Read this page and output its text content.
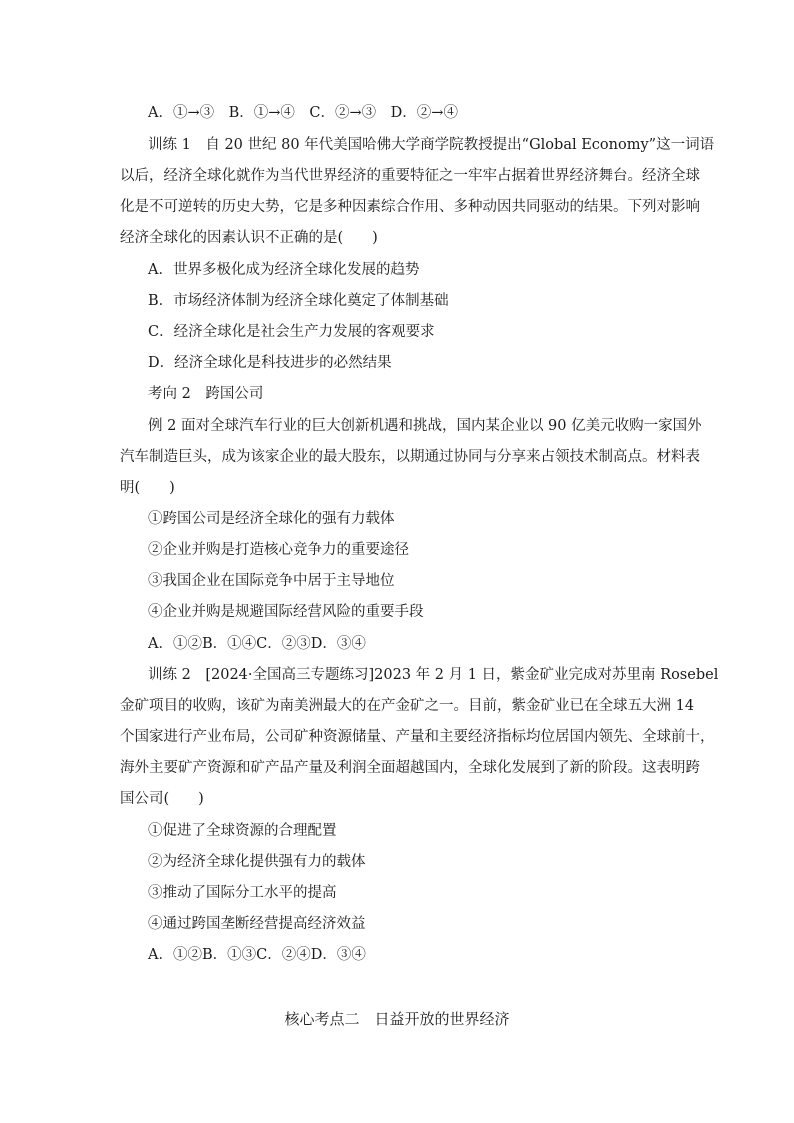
A．①→③　B．①→④　C．②→③　D．②→④
训练 1　自 20 世纪 80 年代美国哈佛大学商学院教授提出“Global Economy”这一词语
以后，经济全球化就作为当代世界经济的重要特征之一牢牢占据着世界经济舞台。经济全球
化是不可逆转的历史大势，它是多种因素综合作用、多种动因共同驱动的结果。下列对影响
经济全球化的因素认识不正确的是(　　)
A．世界多极化成为经济全球化发展的趋势
B．市场经济体制为经济全球化奠定了体制基础
C．经济全球化是社会生产力发展的客观要求
D．经济全球化是科技进步的必然结果
考向 2　跨国公司
例 2 面对全球汽车行业的巨大创新机遇和挑战，国内某企业以 90 亿美元收购一家国外
汽车制造巨头，成为该家企业的最大股东，以期通过协同与分享来占领技术制高点。材料表
明(　　)
①跨国公司是经济全球化的强有力载体
②企业并购是打造核心竞争力的重要途径
③我国企业在国际竞争中居于主导地位
④企业并购是规避国际经营风险的重要手段
A．①②B．①④C．②③D．③④
训练 2　[2024·全国高三专题练习]2023 年 2 月 1 日，紫金矿业完成对苏里南 Rosebel
金矿项目的收购，该矿为南美洲最大的在产金矿之一。目前，紫金矿业已在全球五大洲 14
个国家进行产业布局，公司矿种资源储量、产量和主要经济指标均位居国内领先、全球前十，
海外主要矿产资源和矿产品产量及利润全面超越国内，全球化发展到了新的阶段。这表明跨
国公司(　　)
①促进了全球资源的合理配置
②为经济全球化提供强有力的载体
③推动了国际分工水平的提高
④通过跨国垄断经营提高经济效益
A．①②B．①③C．②④D．③④
核心考点二　日益开放的世界经济
